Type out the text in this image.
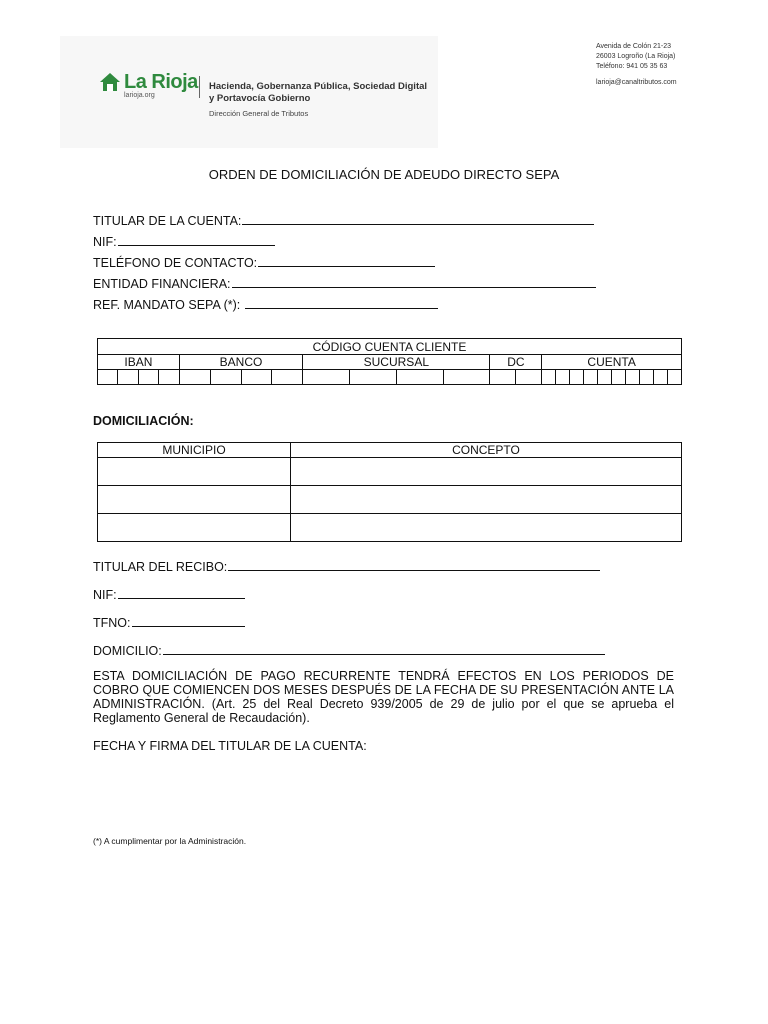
La Rioja
larioja.org
Hacienda, Gobernanza Pública, Sociedad Digital
y Portavocía Gobierno
Dirección General de Tributos
Avenida de Colón 21-23
26003 Logroño (La Rioja)
Teléfono: 941 05 35 63
larioja@canaltributos.com
ORDEN DE DOMICILIACIÓN DE ADEUDO DIRECTO SEPA
TITULAR DE LA CUENTA:
NIF:
TELÉFONO DE CONTACTO:
ENTIDAD FINANCIERA:
REF. MANDATO SEPA (*):
CÓDIGO CUENTA CLIENTE																							
IBAN				BANCO				SUCURSAL				DC		CUENTA									

DOMICILIACIÓN:
MUNICIPIO	CONCEPTO

TITULAR DEL RECIBO:
NIF:
TFNO:
DOMICILIO:
ESTA DOMICILIACIÓN DE PAGO RECURRENTE TENDRÁ EFECTOS EN LOS PERIODOS DE COBRO QUE COMIENCEN DOS MESES DESPUÉS DE LA FECHA DE SU PRESENTACIÓN ANTE LA ADMINISTRACIÓN. (Art. 25 del Real Decreto 939/2005 de 29 de julio por el que se aprueba el Reglamento General de Recaudación).
FECHA Y FIRMA DEL TITULAR DE LA CUENTA:
(*) A cumplimentar por la Administración.
